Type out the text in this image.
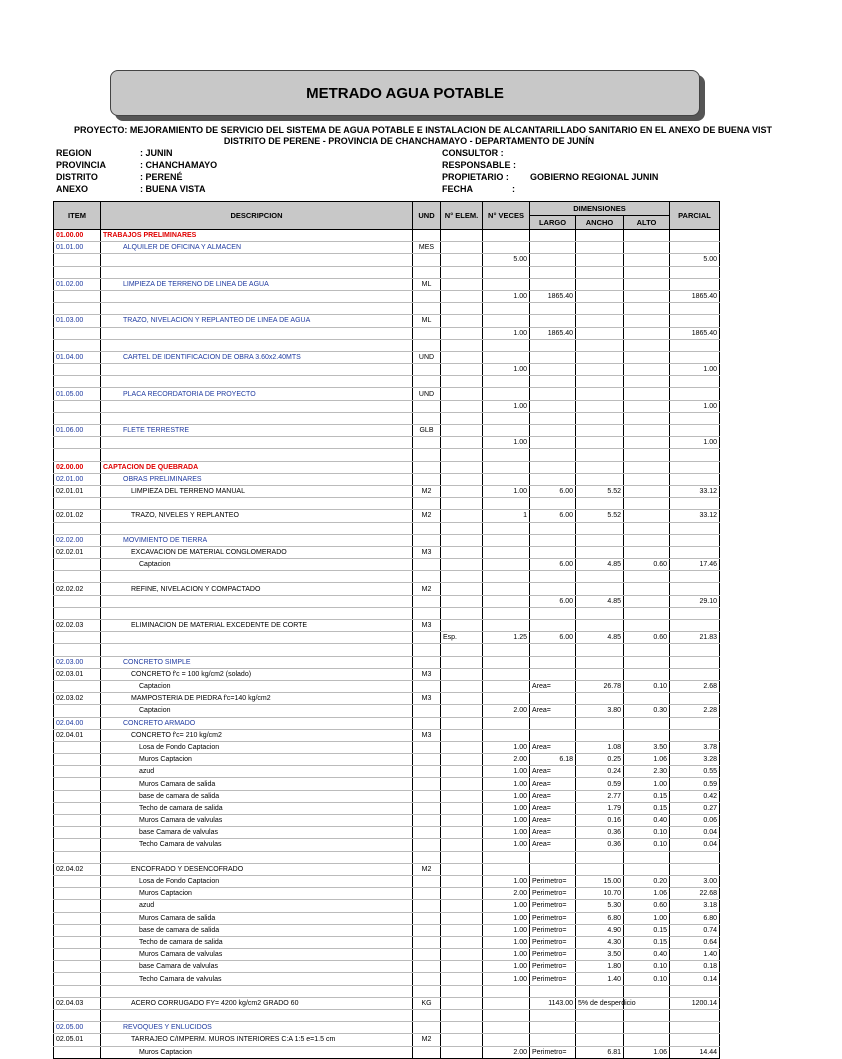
METRADO AGUA POTABLE
PROYECTO: MEJORAMIENTO DE SERVICIO DEL SISTEMA DE AGUA POTABLE E INSTALACION DE ALCANTARILLADO SANITARIO EN EL ANEXO DE BUENA VIST
DISTRITO DE PERENE - PROVINCIA DE CHANCHAMAYO - DEPARTAMENTO DE JUNÍN
REGION	: JUNIN
PROVINCIA	: CHANCHAMAYO
DISTRITO	: PERENÉ
ANEXO	: BUENA VISTA
CONSULTOR :
RESPONSABLE :
PROPIETARIO : GOBIERNO REGIONAL JUNIN
FECHA	:
ITEM	DESCRIPCION	UND	N° ELEM.	N° VECES	DIMENSIONES			PARCIAL
					LARGO	ANCHO	ALTO	
01.00.00	TRABAJOS PRELIMINARES							
01.01.00	ALQUILER DE OFICINA Y ALMACEN	MES						
				5.00				5.00

01.02.00	LIMPIEZA DE TERRENO DE LINEA DE AGUA	ML						
				1.00	1865.40			1865.40

01.03.00	TRAZO, NIVELACION Y REPLANTEO DE LINEA DE AGUA	ML						
				1.00	1865.40			1865.40

01.04.00	CARTEL DE IDENTIFICACION DE OBRA 3.60x2.40MTS	UND						
				1.00				1.00

01.05.00	PLACA RECORDATORIA DE PROYECTO	UND						
				1.00				1.00

01.06.00	FLETE TERRESTRE	GLB						
				1.00				1.00

02.00.00	CAPTACION DE QUEBRADA							
02.01.00	OBRAS PRELIMINARES							
02.01.01	LIMPIEZA DEL TERRENO MANUAL	M2		1.00	6.00	5.52		33.12

02.01.02	TRAZO, NIVELES Y REPLANTEO	M2		1	6.00	5.52		33.12

02.02.00	MOVIMIENTO DE TIERRA							
02.02.01	EXCAVACION DE MATERIAL CONGLOMERADO	M3						
	Captacion				6.00	4.85	0.60	17.46

02.02.02	REFINE, NIVELACION Y COMPACTADO	M2						
					6.00	4.85		29.10

02.02.03	ELIMINACION DE MATERIAL EXCEDENTE DE CORTE	M3						
			Esp.	1.25	6.00	4.85	0.60	21.83

02.03.00	CONCRETO SIMPLE							
02.03.01	CONCRETO f'c = 100 kg/cm2 (solado)	M3						
	Captacion				Area=	26.78	0.10	2.68
02.03.02	MAMPOSTERIA DE PIEDRA f'c=140 kg/cm2	M3						
	Captacion			2.00	Area=	3.80	0.30	2.28
02.04.00	CONCRETO ARMADO							
02.04.01	CONCRETO f'c= 210 kg/cm2	M3						
	Losa de Fondo Captacion			1.00	Area=	1.08	3.50	3.78
	Muros Captacion			2.00	6.18	0.25	1.06	3.28
	azud			1.00	Area=	0.24	2.30	0.55
	Muros Camara de salida			1.00	Area=	0.59	1.00	0.59
	base de camara de salida			1.00	Area=	2.77	0.15	0.42
	Techo de camara de salida			1.00	Area=	1.79	0.15	0.27
	Muros Camara de valvulas			1.00	Area=	0.16	0.40	0.06
	base Camara de valvulas			1.00	Area=	0.36	0.10	0.04
	Techo Camara de valvulas			1.00	Area=	0.36	0.10	0.04

02.04.02	ENCOFRADO Y DESENCOFRADO	M2						
	Losa de Fondo Captacion			1.00	Perimetro=	15.00	0.20	3.00
	Muros Captacion			2.00	Perimetro=	10.70	1.06	22.68
	azud			1.00	Perimetro=	5.30	0.60	3.18
	Muros Camara de salida			1.00	Perimetro=	6.80	1.00	6.80
	base de camara de salida			1.00	Perimetro=	4.90	0.15	0.74
	Techo de camara de salida			1.00	Perimetro=	4.30	0.15	0.64
	Muros Camara de valvulas			1.00	Perimetro=	3.50	0.40	1.40
	base Camara de valvulas			1.00	Perimetro=	1.80	0.10	0.18
	Techo Camara de valvulas			1.00	Perimetro=	1.40	0.10	0.14

02.04.03	ACERO CORRUGADO FY= 4200 kg/cm2 GRADO 60	KG			1143.00	5% de desperdicio		1200.14

02.05.00	REVOQUES Y ENLUCIDOS							
02.05.01	TARRAJEO C/IMPERM. MUROS INTERIORES C:A 1:5 e=1.5 cm	M2						
	Muros Captacion			2.00	Perimetro=	6.81	1.06	14.44
